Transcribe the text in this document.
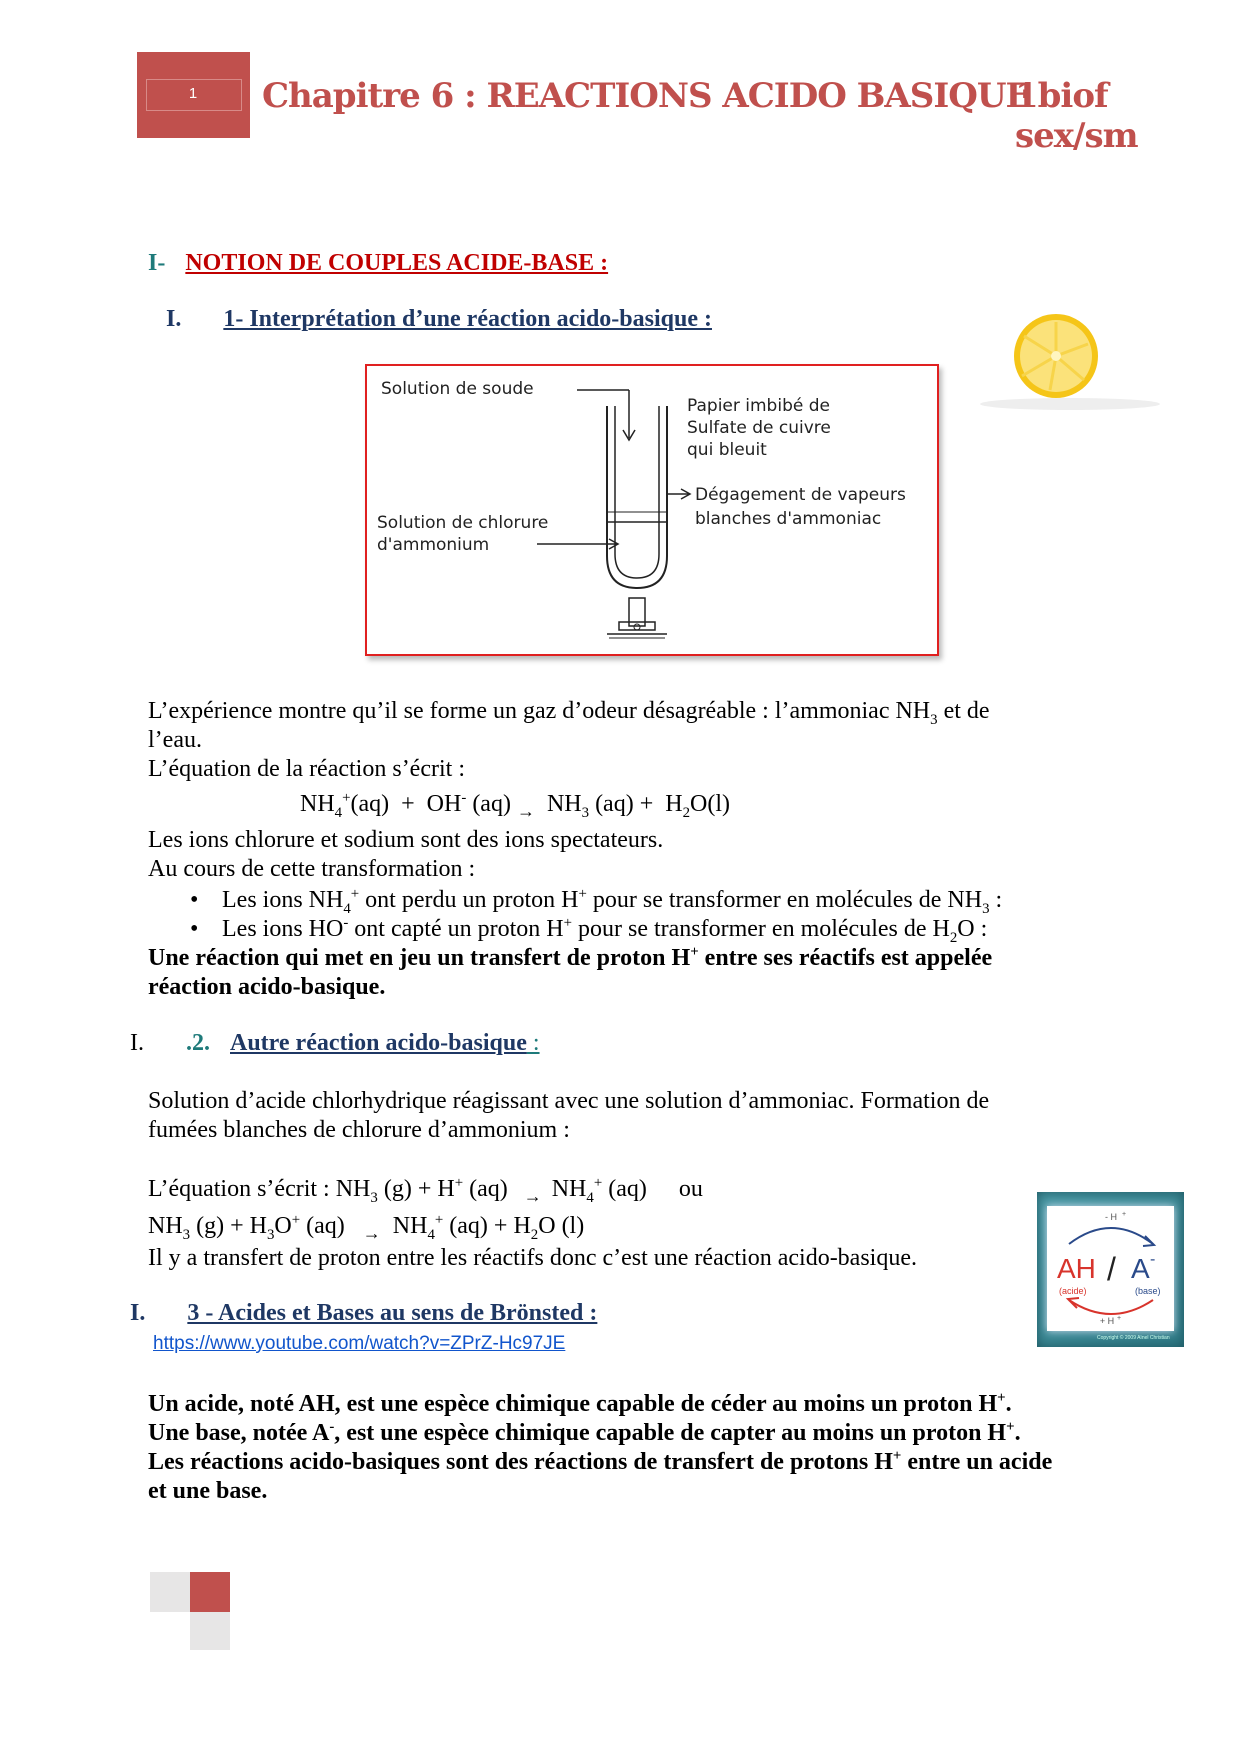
1	Chapitre 6 : REACTIONS ACIDO BASIQUE
1biof sex/sm
I- NOTION DE COUPLES ACIDE-BASE :
I. 1- Interprétation d’une réaction acido-basique :
Solution de soude
Papier imbibé de
Sulfate de cuivre
qui bleuit
Dégagement de vapeurs
blanches d'ammoniac
Solution de chlorure
d'ammonium
L’expérience montre qu’il se forme un gaz d’odeur désagréable : l’ammoniac $NH_3$ et de
l’eau.
L’équation de la réaction s’écrit :
$NH_4^+(aq) + OH^-$ (aq) $_\to$  $NH_3$ $(aq) + H_2O(l)$
Les ions chlorure et sodium sont des ions spectateurs.
Au cours de cette transformation :
• Les ions $NH_4^+$ ont perdu un proton H+ pour se transformer en molécules de $NH_3$ :
• Les ions HO- ont capté un proton H+ pour se transformer en molécules de $H_2O$ :
Une réaction qui met en jeu un transfert de proton H+ entre ses réactifs est appelée
réaction acido-basique.
I. .2. Autre réaction acido-basique :
Solution d’acide chlorhydrique réagissant avec une solution d’ammoniac. Formation de
fumées blanches de chlorure d’ammonium :
L’équation s’écrit : $NH_3$ (g) + H+ (aq) $_\to$ $NH_4^+$ (aq) ou
$NH_3$ $(g) + H_3O^+$ (aq) $_\to$ $NH_4^+$ $(aq) + H_2O$ (l)
Il y a transfert de proton entre les réactifs donc c’est une réaction acido-basique.
- H +
AH / A -
(acide)	(base)
+ H +
Copyright © 2009 Aïnel Christian
I. 3 - Acides et Bases au sens de Brönsted :
https://www.youtube.com/watch?v=ZPrZ-Hc97JE
Un acide, noté AH, est une espèce chimique capable de céder au moins un proton H+.
Une base, notée A-, est une espèce chimique capable de capter au moins un proton H+.
Les réactions acido-basiques sont des réactions de transfert de protons H+ entre un acide
et une base.
